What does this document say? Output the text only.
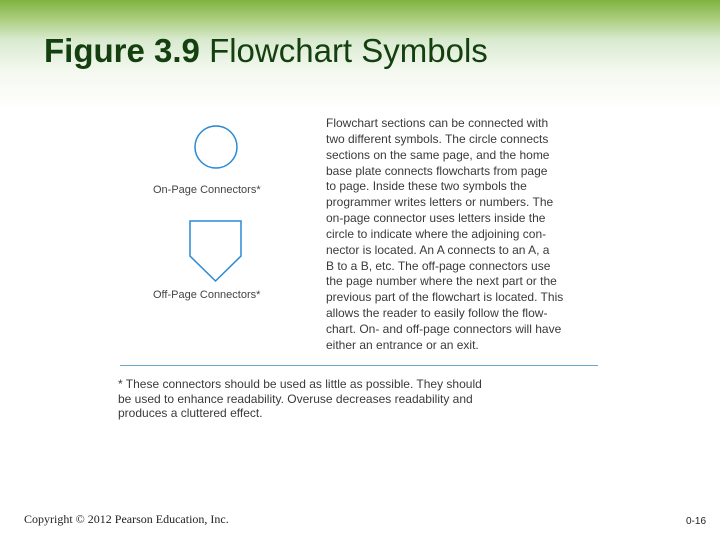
Figure 3.9 Flowchart Symbols
On-Page Connectors*
Off-Page Connectors*
Flowchart sections can be connected with
two different symbols. The circle connects
sections on the same page, and the home
base plate connects flowcharts from page
to page. Inside these two symbols the
programmer writes letters or numbers. The
on-page connector uses letters inside the
circle to indicate where the adjoining con-
nector is located. An A connects to an A, a
B to a B, etc. The off-page connectors use
the page number where the next part or the
previous part of the flowchart is located. This
allows the reader to easily follow the flow-
chart. On- and off-page connectors will have
either an entrance or an exit.
* These connectors should be used as little as possible. They should
be used to enhance readability. Overuse decreases readability and
produces a cluttered effect.
Copyright © 2012 Pearson Education, Inc.	0-16
